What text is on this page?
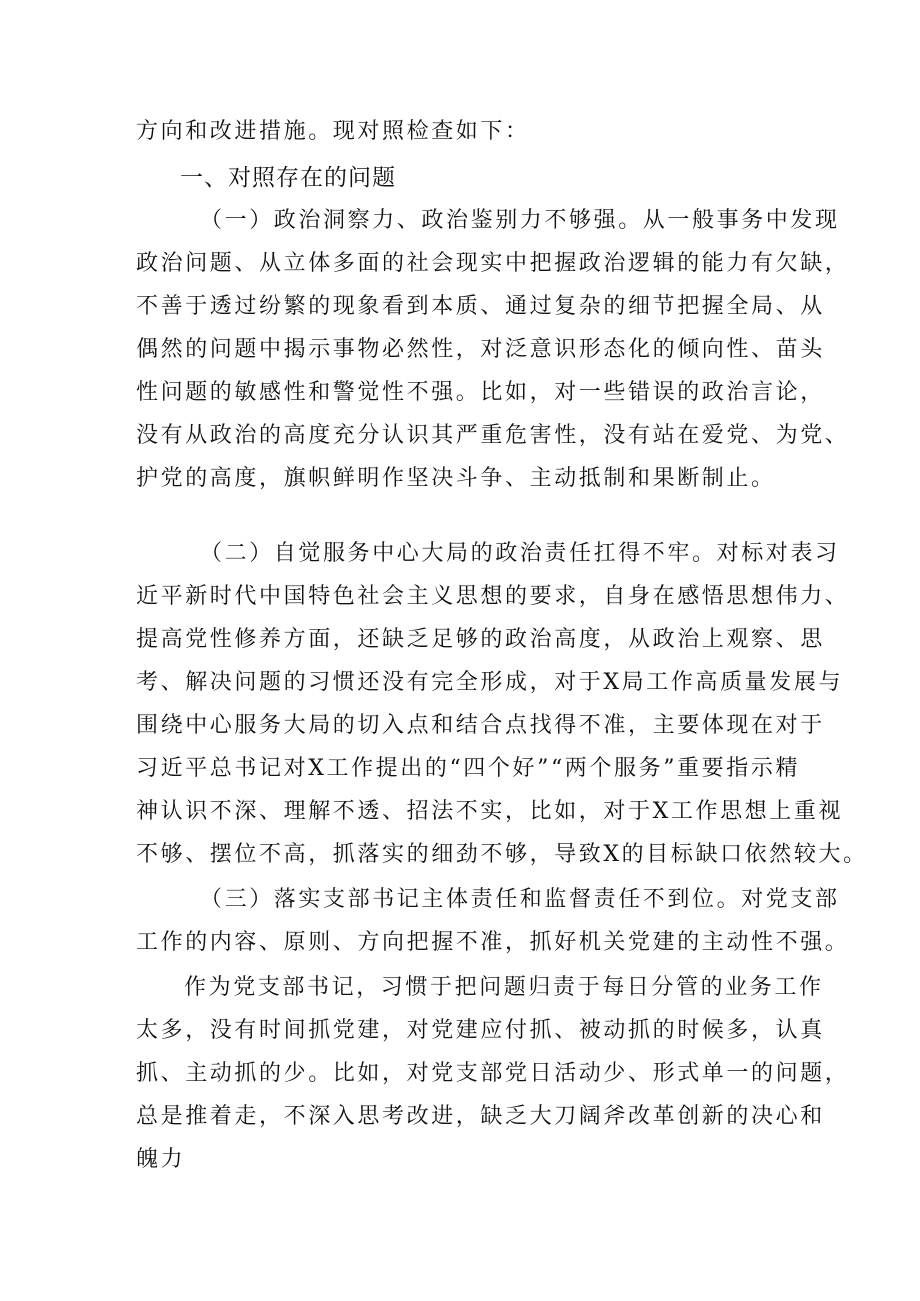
方向和改进措施。现对照检查如下：
一、对照存在的问题
（一）政治洞察力、政治鉴别力不够强。从一般事务中发现
政治问题、从立体多面的社会现实中把握政治逻辑的能力有欠缺，
不善于透过纷繁的现象看到本质、通过复杂的细节把握全局、从
偶然的问题中揭示事物必然性，对泛意识形态化的倾向性、苗头
性问题的敏感性和警觉性不强。比如，对一些错误的政治言论，
没有从政治的高度充分认识其严重危害性，没有站在爱党、为党、
护党的高度，旗帜鲜明作坚决斗争、主动抵制和果断制止。
（二）自觉服务中心大局的政治责任扛得不牢。对标对表习
近平新时代中国特色社会主义思想的要求，自身在感悟思想伟力、
提高党性修养方面，还缺乏足够的政治高度，从政治上观察、思
考、解决问题的习惯还没有完全形成，对于X局工作高质量发展与
围绕中心服务大局的切入点和结合点找得不准，主要体现在对于
习近平总书记对X工作提出的“四个好”“两个服务”重要指示精
神认识不深、理解不透、招法不实，比如，对于X工作思想上重视
不够、摆位不高，抓落实的细劲不够，导致X的目标缺口依然较大。
（三）落实支部书记主体责任和监督责任不到位。对党支部
工作的内容、原则、方向把握不准，抓好机关党建的主动性不强。
作为党支部书记，习惯于把问题归责于每日分管的业务工作
太多，没有时间抓党建，对党建应付抓、被动抓的时候多，认真
抓、主动抓的少。比如，对党支部党日活动少、形式单一的问题，
总是推着走，不深入思考改进，缺乏大刀阔斧改革创新的决心和
魄力
